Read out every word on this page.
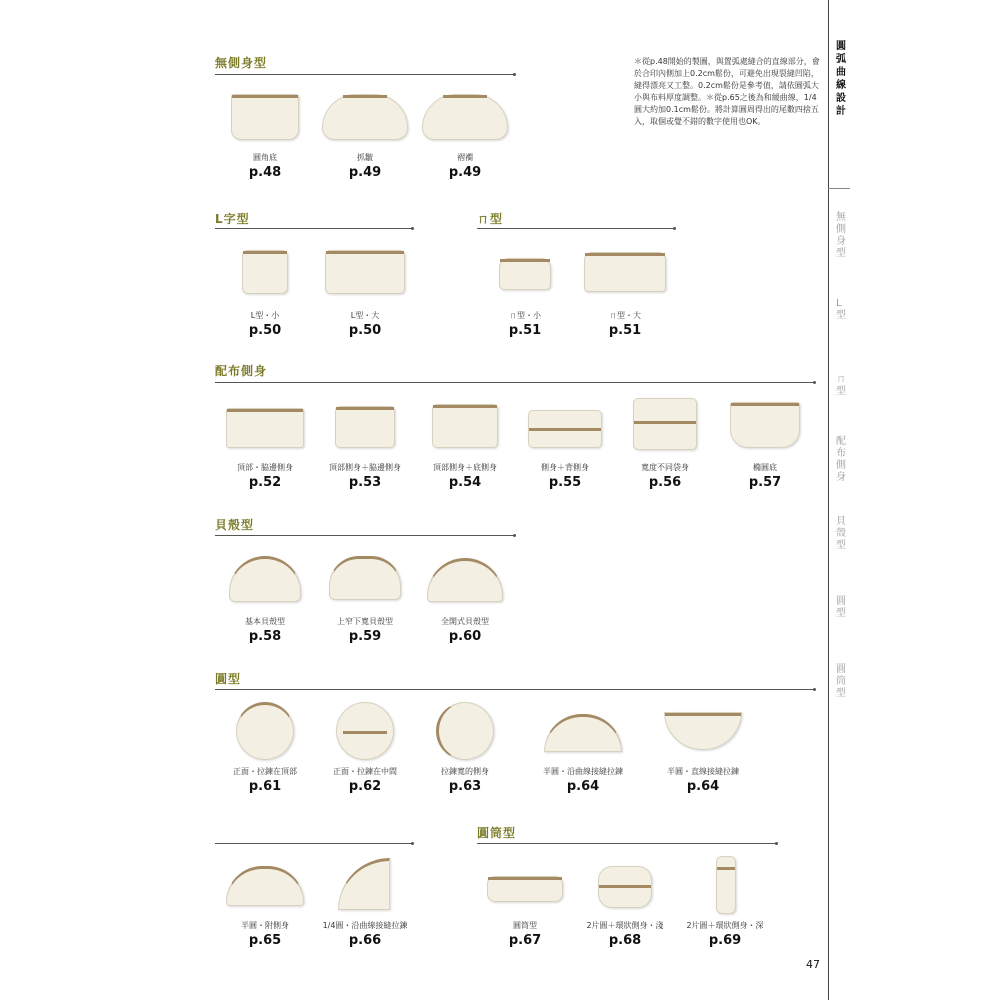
無側身型
L字型	ㄇ型
配布側身
貝殼型
圓型
圓筒型
＊從p.48開始的製圖，與置弧處縫合的直線部分，會於合印內側加上0.2cm鬆份，可避免出現裂縫凹陷，縫得漂亮又工整。0.2cm鬆份是參考值，請依圓弧大小與布料厚度調整。＊從p.65之後為和緩曲線，1/4圓大約加0.1cm鬆份。將計算圓周得出的尾數四捨五入，取個或覺不錯的數字使用也OK。
圓角底
p.48
抓皺
p.49
褶襇
p.49
L型・小
p.50
L型・大
p.50
ㄇ型・小
p.51
ㄇ型・大
p.51
頂部・脇邊側身
p.52
頂部側身＋脇邊側身
p.53
頂部側身＋底側身
p.54
側身＋背側身
p.55
寬度不同袋身
p.56
橢圓底
p.57
基本貝殼型
p.58
上窄下寬貝殼型
p.59
全開式貝殼型
p.60
正面・拉鍊在頂部
p.61
正面・拉鍊在中間
p.62
拉鍊寬的側身
p.63
半圓・沿曲線接縫拉鍊
p.64
半圓・直線接縫拉鍊
p.64
半圓・附側身
p.65
1/4圓・沿曲線接縫拉鍊
p.66
圓筒型
p.67
2片圓＋環狀側身・淺
p.68
2片圓＋環狀側身・深
p.69
圓弧曲線設計
無側身型
L型
ㄇ型
配布側身
貝殼型
圓型
圓筒型
47
